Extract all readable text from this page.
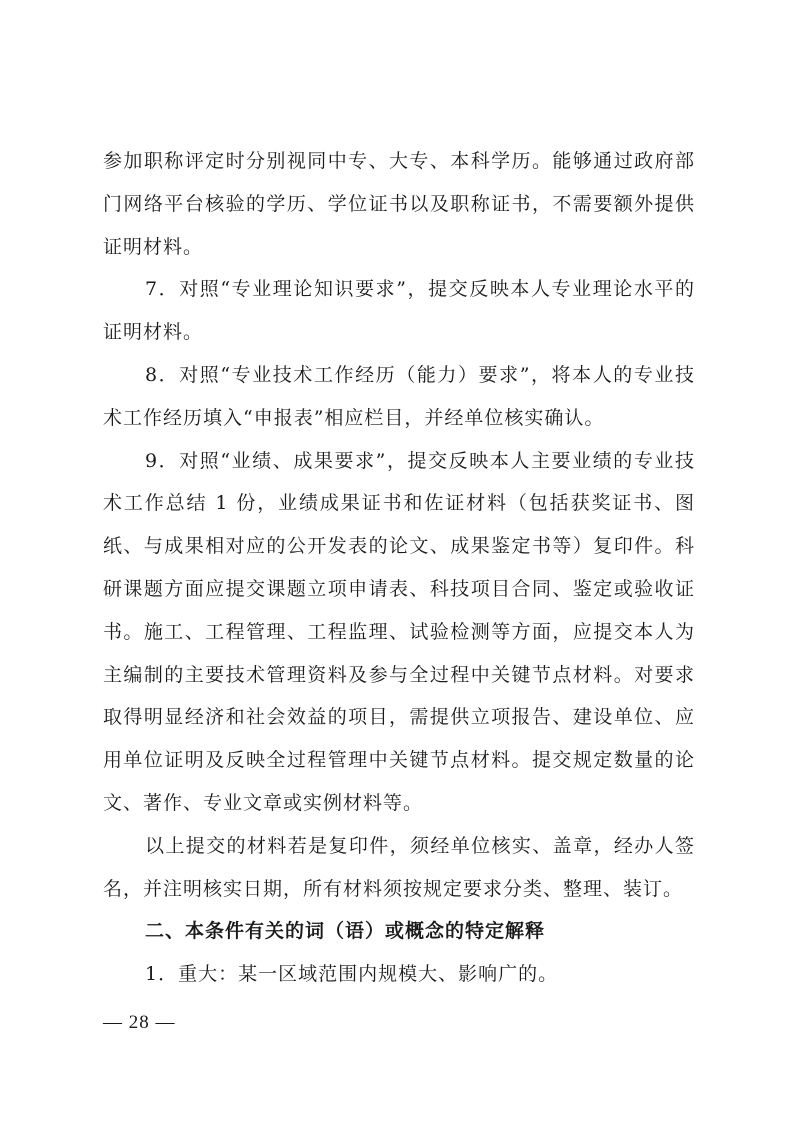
参加职称评定时分别视同中专、大专、本科学历。能够通过政府部门网络平台核验的学历、学位证书以及职称证书，不需要额外提供证明材料。

7．对照“专业理论知识要求”，提交反映本人专业理论水平的证明材料。

8．对照“专业技术工作经历（能力）要求”，将本人的专业技术工作经历填入“申报表”相应栏目，并经单位核实确认。

9．对照“业绩、成果要求”，提交反映本人主要业绩的专业技术工作总结 1 份，业绩成果证书和佐证材料（包括获奖证书、图纸、与成果相对应的公开发表的论文、成果鉴定书等）复印件。科研课题方面应提交课题立项申请表、科技项目合同、鉴定或验收证书。施工、工程管理、工程监理、试验检测等方面，应提交本人为主编制的主要技术管理资料及参与全过程中关键节点材料。对要求取得明显经济和社会效益的项目，需提供立项报告、建设单位、应用单位证明及反映全过程管理中关键节点材料。提交规定数量的论文、著作、专业文章或实例材料等。

以上提交的材料若是复印件，须经单位核实、盖章，经办人签名，并注明核实日期，所有材料须按规定要求分类、整理、装订。

二、本条件有关的词（语）或概念的特定解释

1．重大：某一区域范围内规模大、影响广的。

— 28 —
